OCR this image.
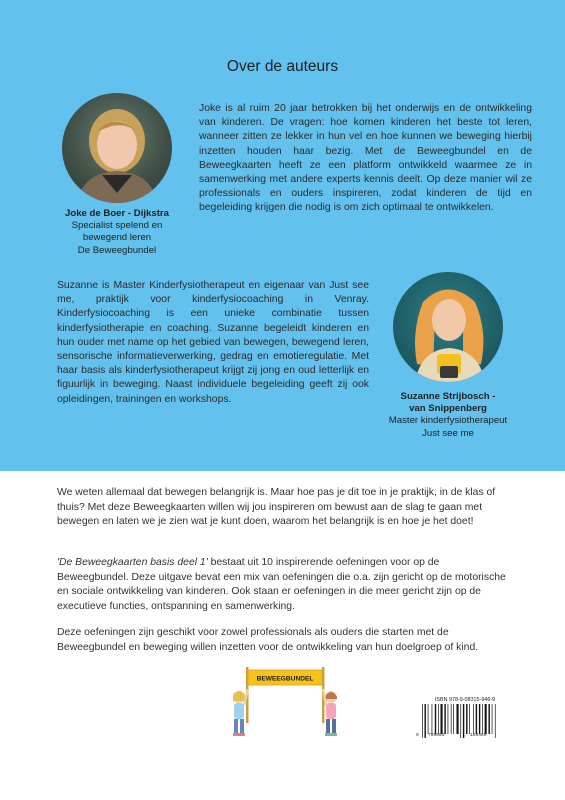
Over de auteurs
Joke de Boer - Dijkstra
Specialist spelend en
bewegend leren
De Beweegbundel
Joke is al ruim 20 jaar betrokken bij het onderwijs en de ontwikkeling van kinderen. De vragen: hoe komen kinderen het beste tot leren, wanneer zitten ze lekker in hun vel en hoe kunnen we beweging hierbij inzetten houden haar bezig. Met de Beweegbundel en de Beweegkaarten heeft ze een platform ontwikkeld waarmee ze in samenwerking met andere experts kennis deelt. Op deze manier wil ze professionals en ouders inspireren, zodat kinderen de tijd en begeleiding krijgen die nodig is om zich optimaal te ontwikkelen.
Suzanne is Master Kinderfysiotherapeut en eigenaar van Just see me, praktijk voor kinderfysiocoaching in Venray. Kinderfysiocoaching is een unieke combinatie tussen kinderfysiotherapie en coaching. Suzanne begeleidt kinderen en hun ouder met name op het gebied van bewegen, bewegend leren, sensorische informatieverwerking, gedrag en emotieregulatie. Met haar basis als kinderfysiotherapeut krijgt zij jong en oud letterlijk en figuurlijk in beweging. Naast individuele begeleiding geeft zij ook opleidingen, trainingen en workshops.	Suzanne Strijbosch -
van Snippenberg
Master kinderfysiotherapeut
Just see me
We weten allemaal dat bewegen belangrijk is. Maar hoe pas je dit toe in je praktijk, in de klas of thuis? Met deze Beweegkaarten willen wij jou inspireren om bewust aan de slag te gaan met bewegen en laten we je zien wat je kunt doen, waarom het belangrijk is en hoe je het doet!
'De Beweegkaarten basis deel 1' bestaat uit 10 inspirerende oefeningen voor op de Beweegbundel. Deze uitgave bevat een mix van oefeningen die o.a. zijn gericht op de motorische en sociale ontwikkeling van kinderen. Ook staan er oefeningen in die meer gericht zijn op de executieve functies, ontspanning en samenwerking.
Deze oefeningen zijn geschikt voor zowel professionals als ouders die starten met de Beweegbundel en beweging willen inzetten voor de ontwikkeling van hun doelgroep of kind.
BEWEEGBUNDEL
ISBN 978-9-08315-946-9
9 789083	159469
